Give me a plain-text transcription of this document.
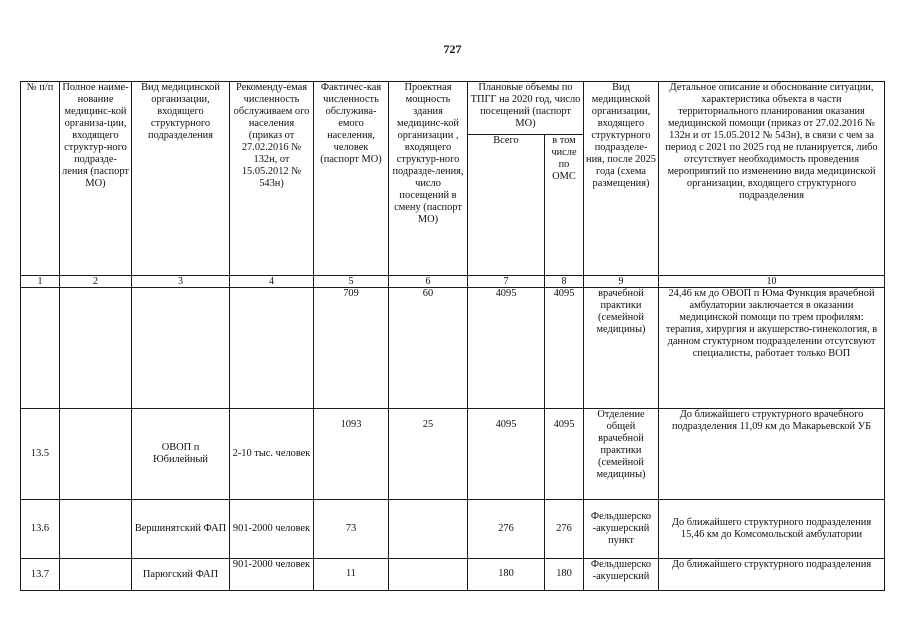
727
№ п/п	Полное наиме-нование медицинс-кой организа-ции, входящего структур-ного подразде-ления (паспорт МО)	Вид медицинской организации, входящего структурного подразделения	Рекоменду-емая численность обслуживаем ого населения (приказ от 27.02.2016 № 132н, от 15.05.2012 № 543н)	Фактичес-кая численность обслужива-емого населения, человек (паспорт МО)	Проектная мощность здания медицинс-кой организации , входящего структур-ного подразде-ления, число посещений в смену (паспорт МО)	Плановые объемы по ТПГГ на 2020 год, число посещений (паспорт МО)		Вид медицинской организации, входящего структурного подразделе-ния, после 2025 года (схема размещения)	Детальное описание и обоснование ситуации, характеристика объекта в части территориального планирования оказания медицинской помощи (приказ от 27.02.2016 № 132н и от 15.05.2012 № 543н), в связи с чем за период с 2021 по 2025 год не планируется, либо отсутствует необходимость проведения мероприятий по изменению вида медицинской организации, входящего структурного подразделения
						Всего	в том числе по ОМС		
1	2	3	4	5	6	7	8	9	10
				709	60	4095	4095	врачебной практики (семейной медицины)	24,46 км до ОВОП п Юма Функция врачебной амбулатории заключается в оказании медицинской помощи по трем профилям: терапия, хирургия и акушерство-гинекология, в данном стуктурном подразделении отсутсвуют специалисты, работает только ВОП
13.5		ОВОП п Юбилейный	2-10 тыс. человек	1093	25	4095	4095	Отделение общей врачебной практики (семейной медицины)	До ближайшего структурного врачебного подразделения 11,09 км до Макарьевской УБ
13.6		Вершинятский ФАП	901-2000 человек	73		276	276	Фельдшерско -акушерский пункт	До ближайшего структурного подразделения 15,46 км до Комсомольской амбулатории
13.7		Парюгский ФАП	901-2000 человек	11		180	180	Фельдшерско -акушерский	До ближайшего структурного подразделения
